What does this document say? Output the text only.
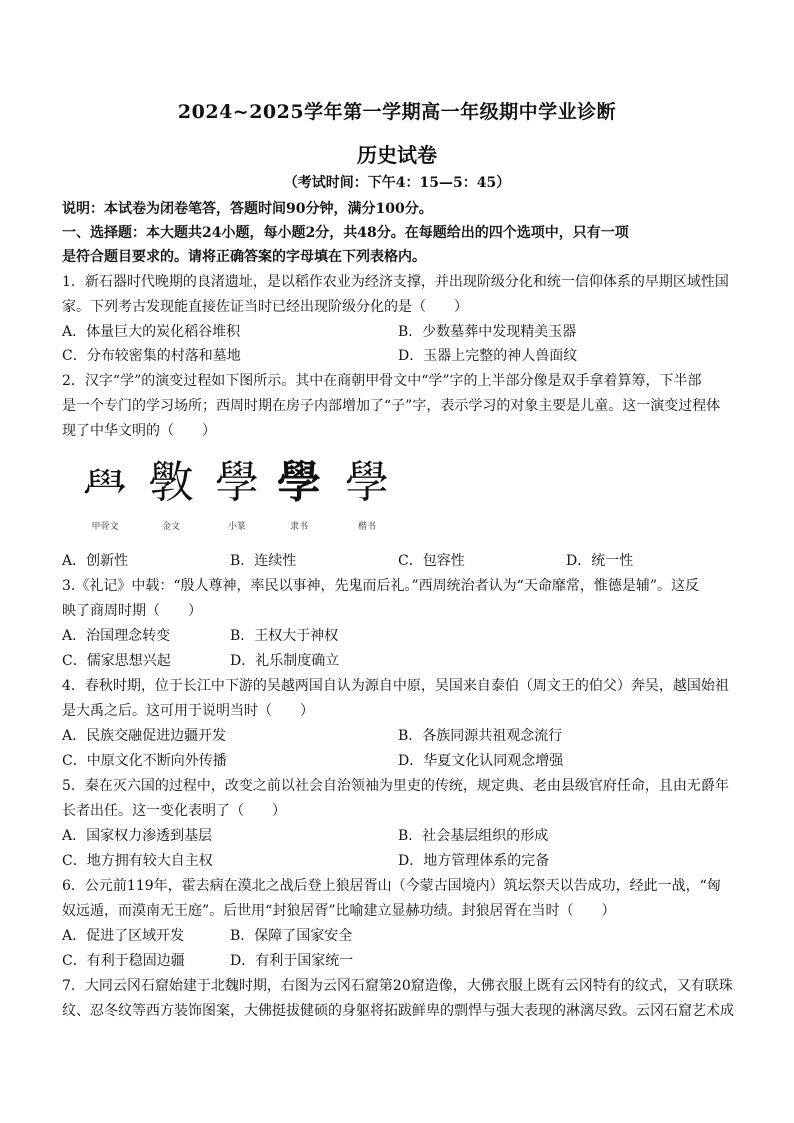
2024~2025学年第一学期高一年级期中学业诊断
历史试卷
（考试时间：下午4：15—5：45）
说明：本试卷为闭卷笔答，答题时间90分钟，满分100分。
一、选择题：本大题共24小题，每小题2分，共48分。在每题给出的四个选项中，只有一项
是符合题目要求的。请将正确答案的字母填在下列表格内。
1．新石器时代晚期的良渚遗址，是以稻作农业为经济支撑，并出现阶级分化和统一信仰体系的早期区域性国
家。下列考古发现能直接佐证当时已经出现阶级分化的是（　　）
A．体量巨大的炭化稻谷堆积	B．少数墓葬中发现精美玉器
C．分布较密集的村落和墓地	D．玉器上完整的神人兽面纹
2．汉字“学”的演变过程如下图所示。其中在商朝甲骨文中“学”字的上半部分像是双手拿着算筹，下半部
是一个专门的学习场所；西周时期在房子内部增加了“子”字，表示学习的对象主要是儿童。这一演变过程体
现了中华文明的（　　）
𦥯
甲骨文
斆
金文
學
小篆
學
隶书
學
楷书
A．创新性	B．连续性	C．包容性	D．统一性
3.《礼记》中载：“殷人尊神，率民以事神，先鬼而后礼。”西周统治者认为“天命靡常，惟德是辅”。这反
映了商周时期（　　）
A．治国理念转变	B．王权大于神权
C．儒家思想兴起	D．礼乐制度确立
4．春秋时期，位于长江中下游的吴越两国自认为源自中原，吴国来自泰伯（周文王的伯父）奔吴，越国始祖
是大禹之后。这可用于说明当时（　　）
A．民族交融促进边疆开发	B．各族同源共祖观念流行
C．中原文化不断向外传播	D．华夏文化认同观念增强
5．秦在灭六国的过程中，改变之前以社会自治领袖为里吏的传统，规定典、老由县级官府任命，且由无爵年
长者出任。这一变化表明了（　　）
A．国家权力渗透到基层	B．社会基层组织的形成
C．地方拥有较大自主权	D．地方管理体系的完备
6．公元前119年，霍去病在漠北之战后登上狼居胥山（今蒙古国境内）筑坛祭天以告成功，经此一战，“匈
奴远遁，而漠南无王庭”。后世用“封狼居胥”比喻建立显赫功绩。封狼居胥在当时（　　）
A．促进了区域开发	B．保障了国家安全
C．有利于稳固边疆	D．有利于国家统一
7．大同云冈石窟始建于北魏时期，右图为云冈石窟第20窟造像，大佛衣服上既有云冈特有的纹式，又有联珠
纹、忍冬纹等西方装饰图案，大佛挺拔健硕的身躯将拓跋鲜卑的剽悍与强大表现的淋漓尽致。云冈石窟艺术成
